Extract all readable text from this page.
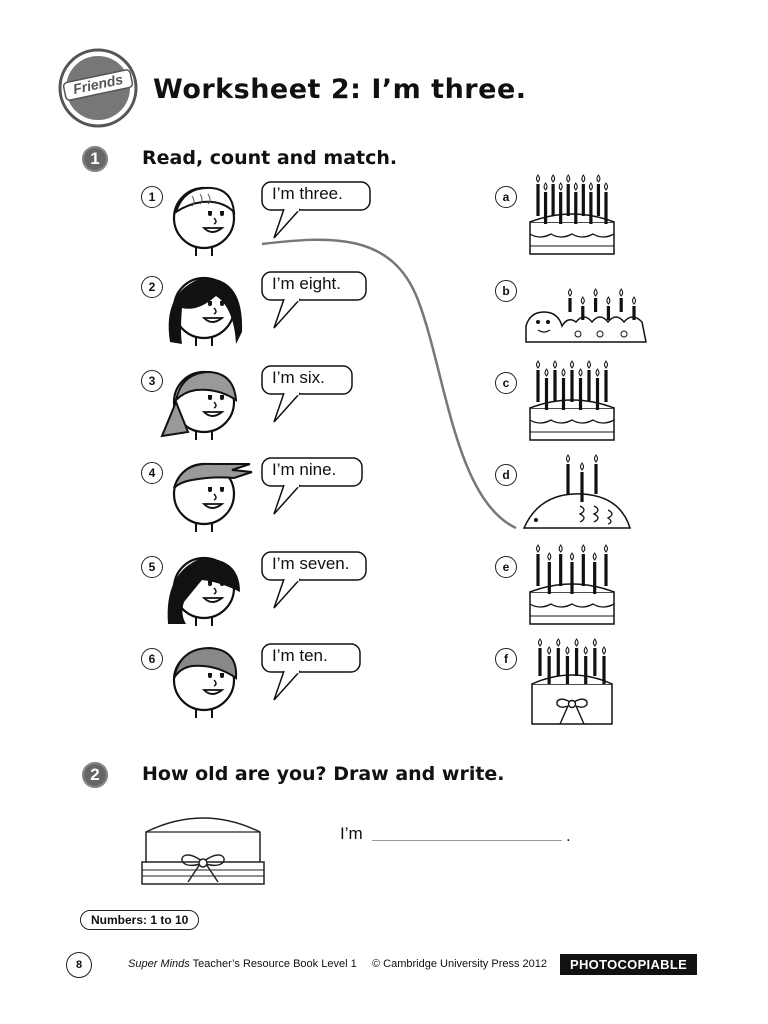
Friends Worksheet 2: I’m three.
1	Read, count and match.
1	I’m three.
2	I’m eight.
3	I’m six.
4	I’m nine.
5	I’m seven.
6	I’m ten.
a
b
c
d
e
f
2	How old are you? Draw and write.
I’m	.
Numbers: 1 to 10
8	Super Minds Teacher’s Resource Book Level 1 © Cambridge University Press 2012	PHOTOCOPIABLE
